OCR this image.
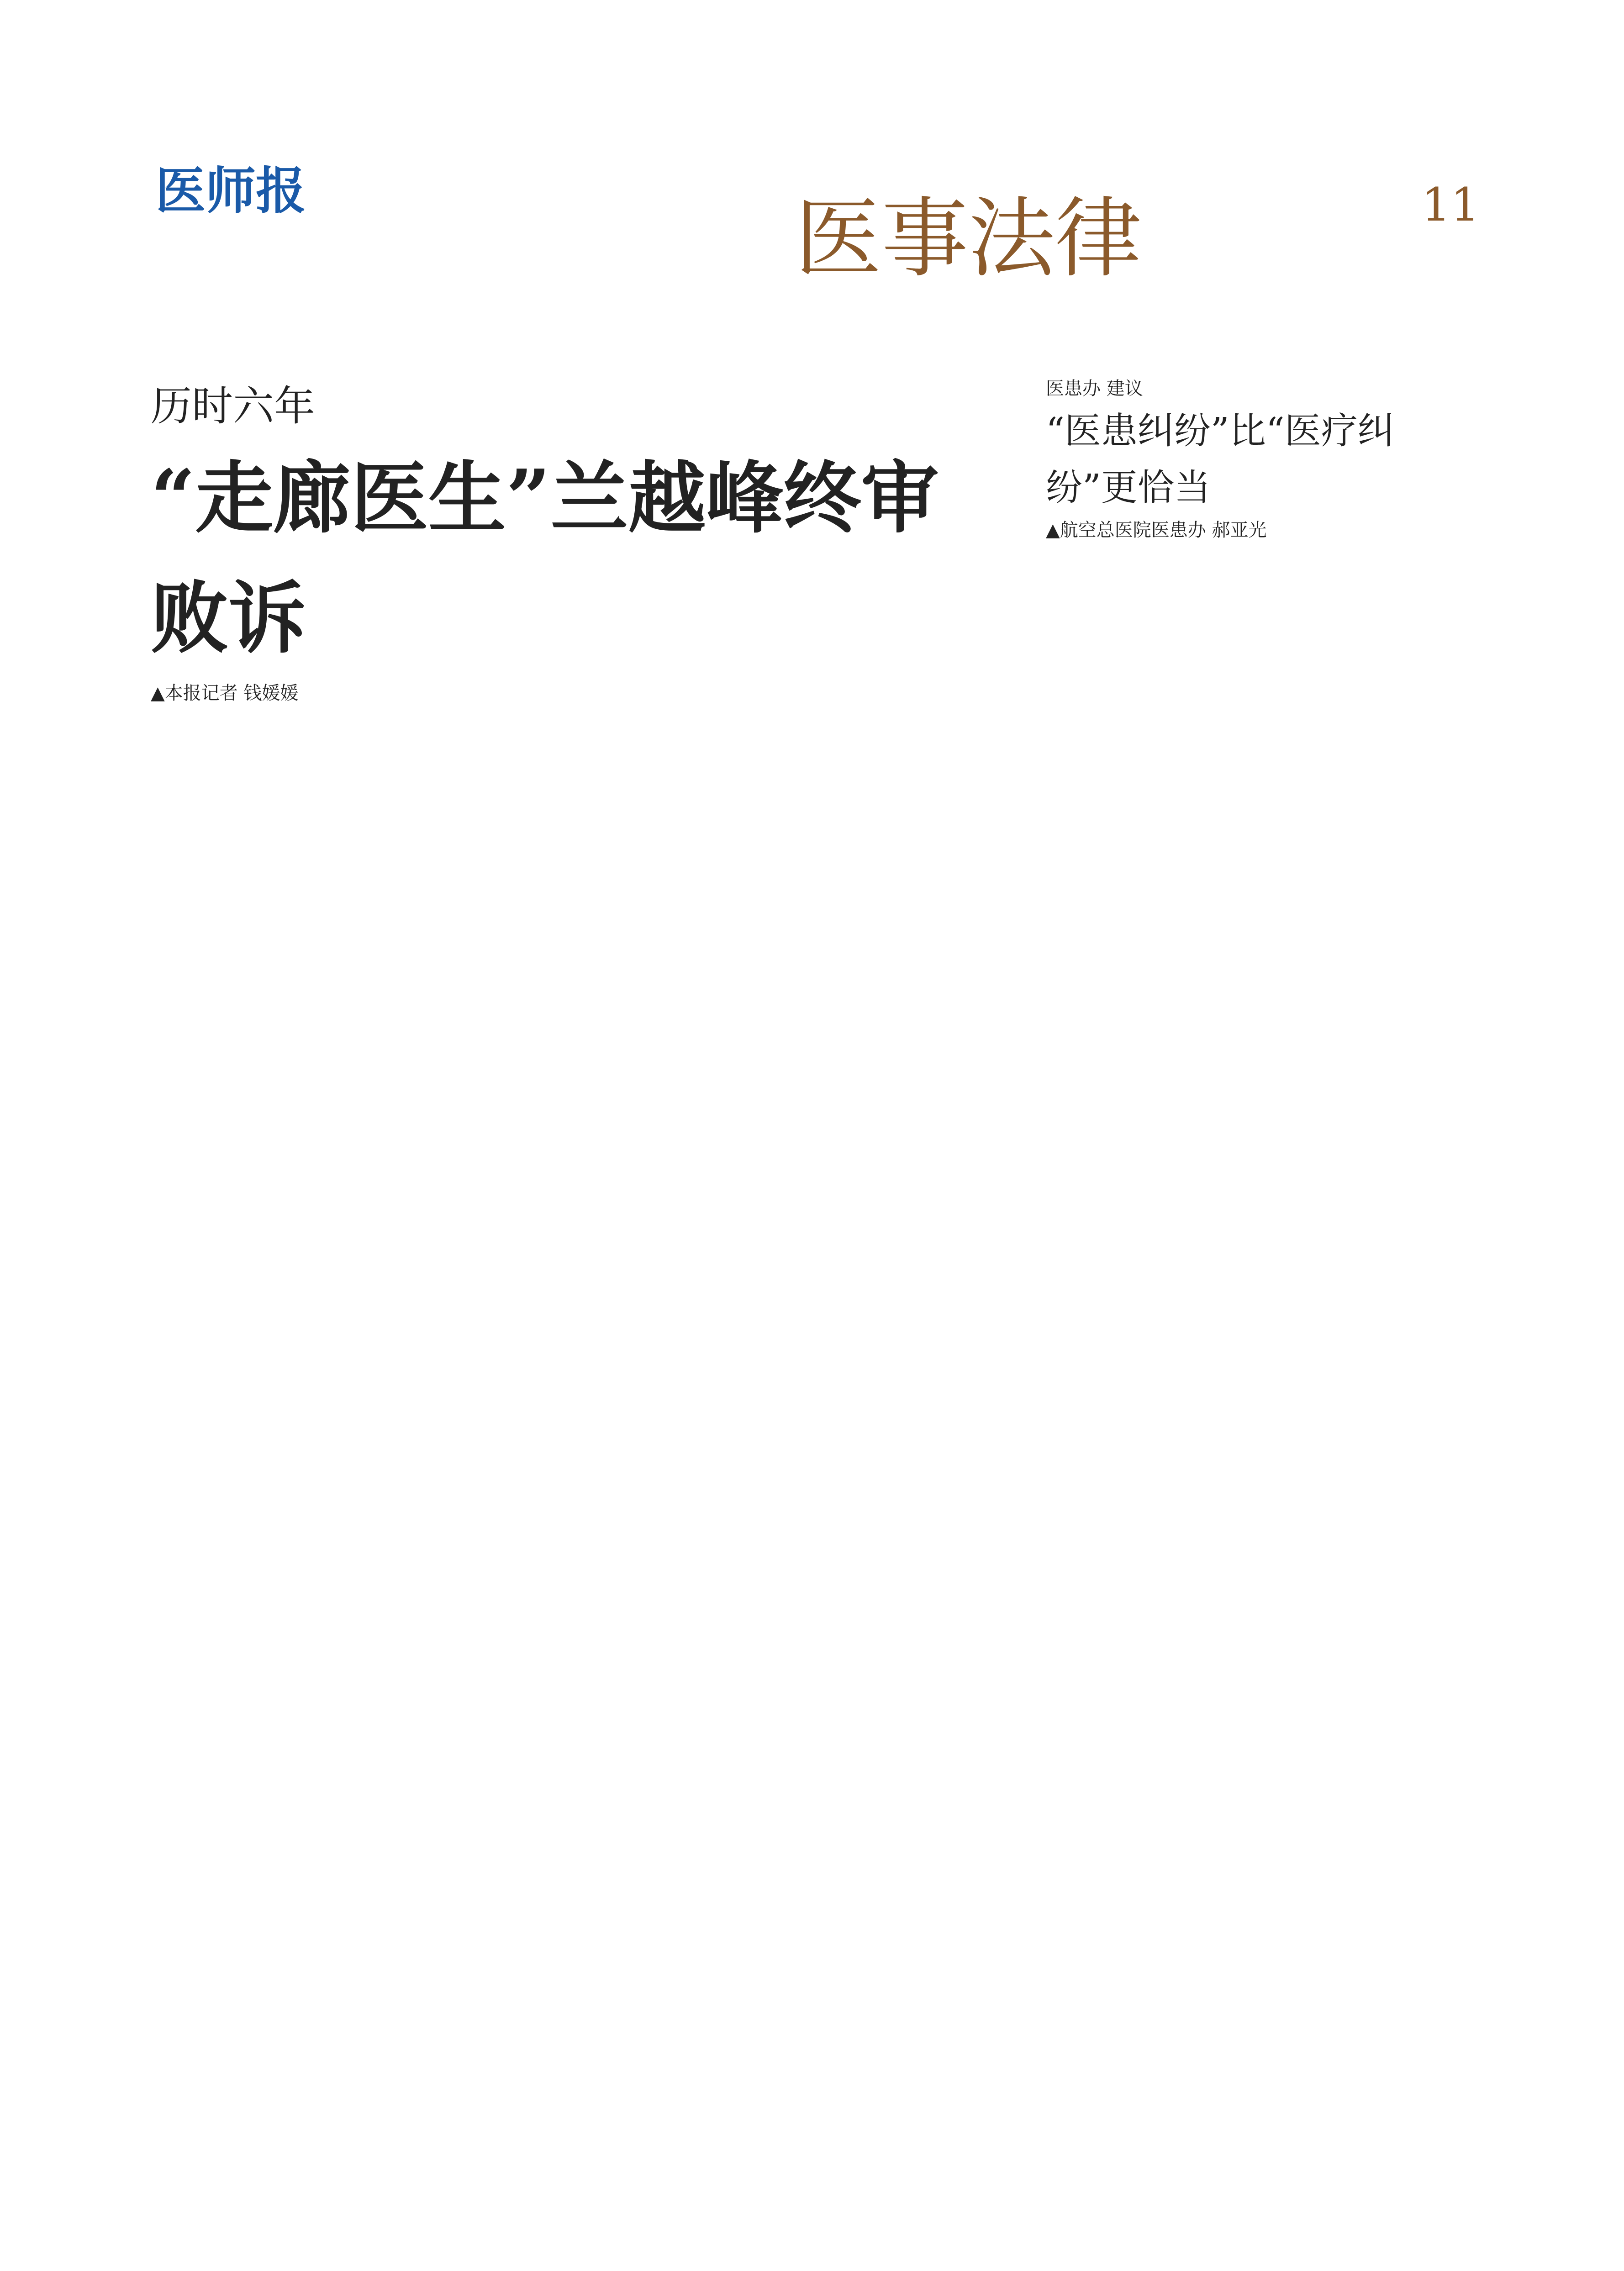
医师报	医事法律	11
历时六年
“走廊医生”兰越峰终审败诉
▲本报记者 钱媛媛
医患办 建议
“医患纠纷”比“医疗纠纷”更恰当
▲航空总医院医患办 郝亚光
